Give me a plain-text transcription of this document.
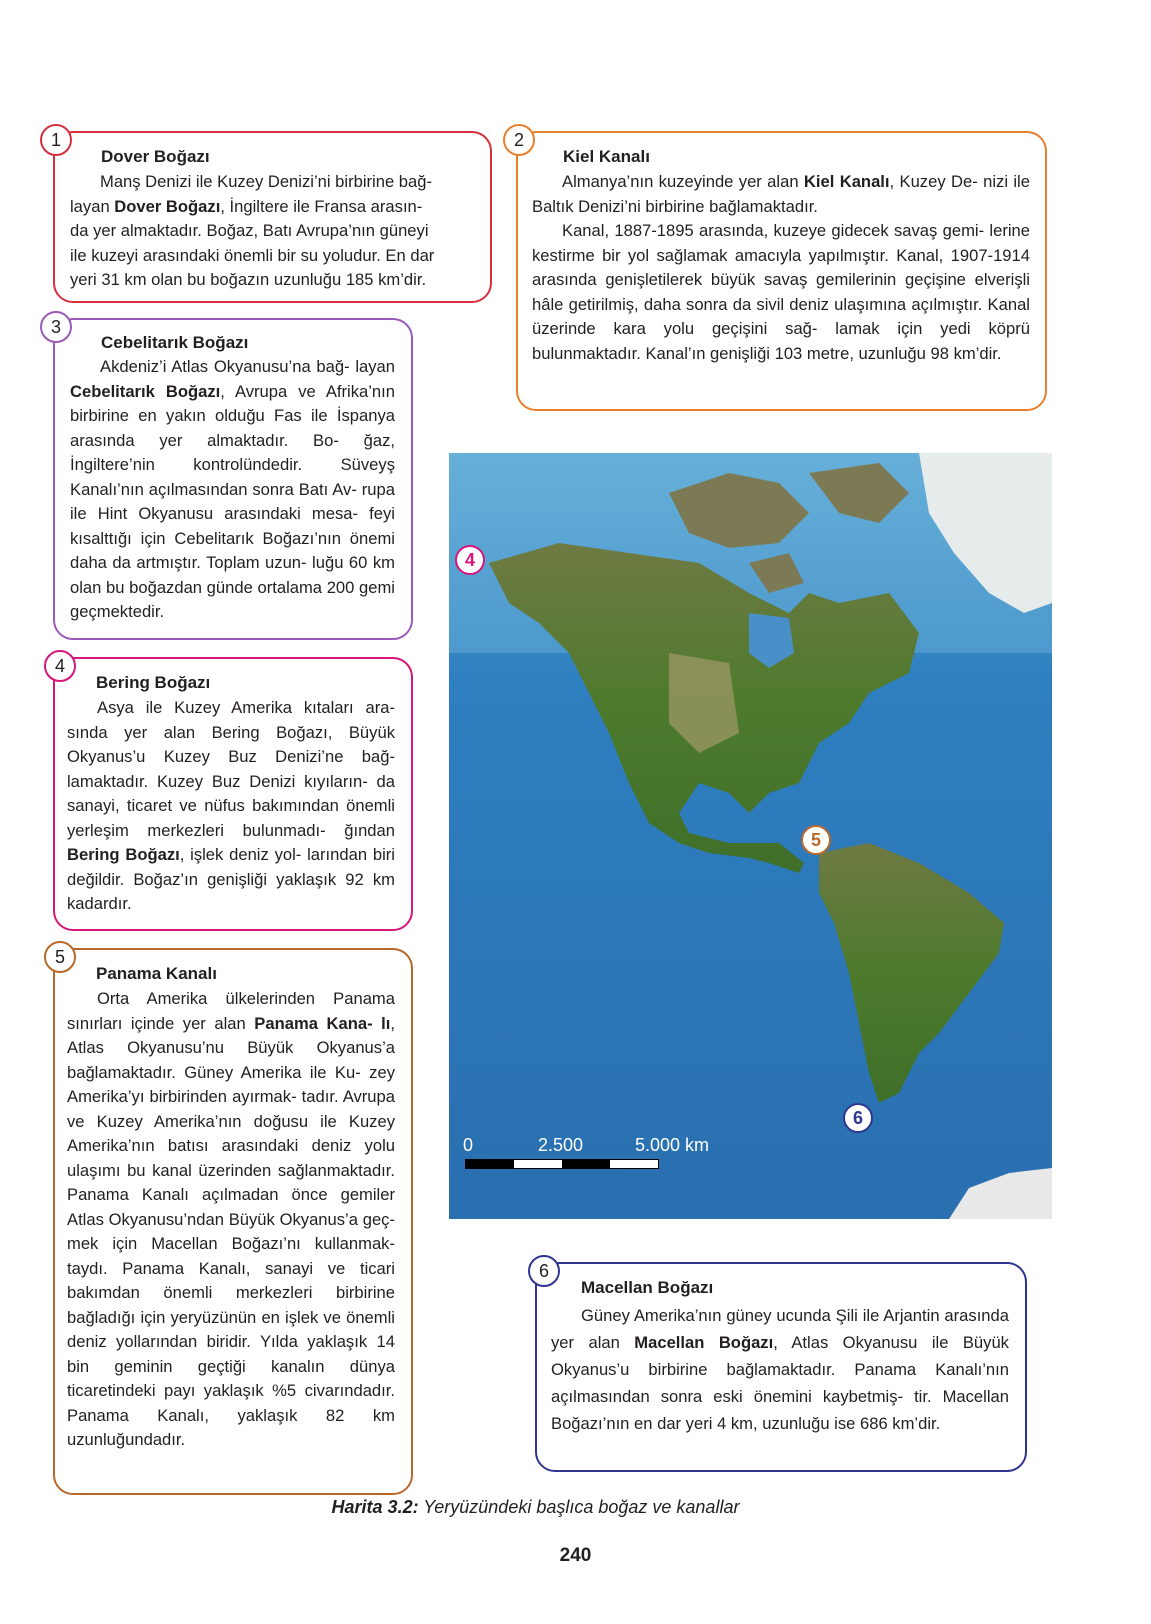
1
Dover Boğazı
Manş Denizi ile Kuzey Denizi’ni birbirine bağ-
layan Dover Boğazı, İngiltere ile Fransa arasın-
da yer almaktadır. Boğaz, Batı Avrupa’nın güneyi
ile kuzeyi arasındaki önemli bir su yoludur. En dar
yeri 31 km olan bu boğazın uzunluğu 185 km’dir.
2
Kiel Kanalı

Almanya’nın kuzeyinde yer alan Kiel Kanalı, Kuzey De- nizi ile Baltık Denizi’ni birbirine bağlamaktadır.

Kanal, 1887-1895 arasında, kuzeye gidecek savaş gemi- lerine kestirme bir yol sağlamak amacıyla yapılmıştır. Kanal, 1907-1914 arasında genişletilerek büyük savaş gemilerinin geçişine elverişli hâle getirilmiş, daha sonra da sivil deniz ulaşımına açılmıştır. Kanal üzerinde kara yolu geçişini sağ- lamak için yedi köprü bulunmaktadır. Kanal’ın genişliği 103 metre, uzunluğu 98 km’dir.

3
Cebelitarık Boğazı

Akdeniz’i Atlas Okyanusu’na bağ- layan Cebelitarık Boğazı, Avrupa ve Afrika’nın birbirine en yakın olduğu Fas ile İspanya arasında yer almaktadır. Bo- ğaz, İngiltere’nin kontrolündedir. Süveyş Kanalı’nın açılmasından sonra Batı Av- rupa ile Hint Okyanusu arasındaki mesa- feyi kısalttığı için Cebelitarık Boğazı’nın önemi daha da artmıştır. Toplam uzun- luğu 60 km olan bu boğazdan günde ortalama 200 gemi geçmektedir.

4
Bering Boğazı

Asya ile Kuzey Amerika kıtaları ara- sında yer alan Bering Boğazı, Büyük Okyanus’u Kuzey Buz Denizi’ne bağ- lamaktadır. Kuzey Buz Denizi kıyıların- da sanayi, ticaret ve nüfus bakımından önemli yerleşim merkezleri bulunmadı- ğından Bering Boğazı, işlek deniz yol- larından biri değildir. Boğaz’ın genişliği yaklaşık 92 km kadardır.

5
Panama Kanalı

Orta Amerika ülkelerinden Panama sınırları içinde yer alan Panama Kana- lı, Atlas Okyanusu’nu Büyük Okyanus’a bağlamaktadır. Güney Amerika ile Ku- zey Amerika’yı birbirinden ayırmak- tadır. Avrupa ve Kuzey Amerika’nın doğusu ile Kuzey Amerika’nın batısı arasındaki deniz yolu ulaşımı bu kanal üzerinden sağlanmaktadır. Panama Kanalı açılmadan önce gemiler Atlas Okyanusu’ndan Büyük Okyanus’a geç- mek için Macellan Boğazı’nı kullanmak- taydı. Panama Kanalı, sanayi ve ticari bakımdan önemli merkezleri birbirine bağladığı için yeryüzünün en işlek ve önemli deniz yollarından biridir. Yılda yaklaşık 14 bin geminin geçtiği kanalın dünya ticaretindeki payı yaklaşık %5 civarındadır. Panama Kanalı, yaklaşık 82 km uzunluğundadır.

4
5
6
0	2.500	5.000 km
6
Macellan Boğazı

Güney Amerika’nın güney ucunda Şili ile Arjantin arasında yer alan Macellan Boğazı, Atlas Okyanusu ile Büyük Okyanus’u birbirine bağlamaktadır. Panama Kanalı’nın açılmasından sonra eski önemini kaybetmiş- tir. Macellan Boğazı’nın en dar yeri 4 km, uzunluğu ise 686 km’dir.

Harita 3.2: Yeryüzündeki başlıca boğaz ve kanallar
240
